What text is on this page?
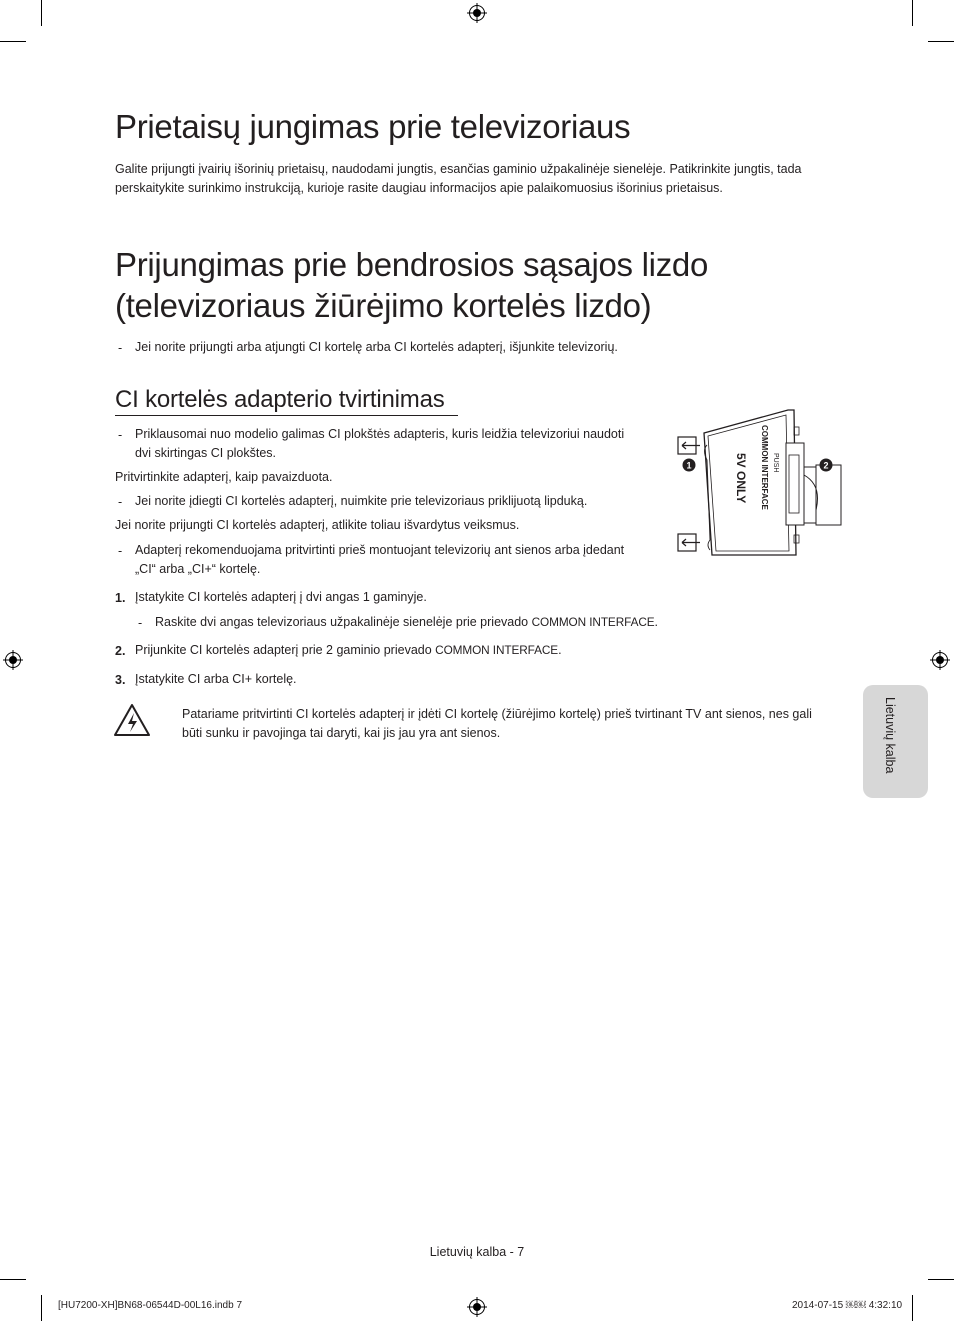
Prietaisų jungimas prie televizoriaus

Galite prijungti įvairių išorinių prietaisų, naudodami jungtis, esančias gaminio užpakalinėje sienelėje. Patikrinkite jungtis, tada perskaitykite surinkimo instrukciją, kurioje rasite daugiau informacijos apie palaikomuosius išorinius prietaisus.

Prijungimas prie bendrosios sąsajos lizdo
(televizoriaus žiūrėjimo kortelės lizdo)
- Jei norite prijungti arba atjungti CI kortelę arba CI kortelės adapterį, išjunkite televizorių.
CI kortelės adapterio tvirtinimas
- Priklausomai nuo modelio galimas CI plokštės adapteris, kuris leidžia televizoriui naudoti
dvi skirtingas CI plokštes.
Pritvirtinkite adapterį, kaip pavaizduota.
- Jei norite įdiegti CI kortelės adapterį, nuimkite prie televizoriaus priklijuotą lipduką.
Jei norite prijungti CI kortelės adapterį, atlikite toliau išvardytus veiksmus.
- Adapterį rekomenduojama pritvirtinti prieš montuojant televizorių ant sienos arba įdedant
„CI“ arba „CI+“ kortelę.
1. Įstatykite CI kortelės adapterį į dvi angas 1 gaminyje.
- Raskite dvi angas televizoriaus užpakalinėje sienelėje prie prievado COMMON INTERFACE.
2. Prijunkite CI kortelės adapterį prie 2 gaminio prievado COMMON INTERFACE.
3. Įstatykite CI arba CI+ kortelę.
Patariame pritvirtinti CI kortelės adapterį ir įdėti CI kortelę (žiūrėjimo kortelę) prieš tvirtinant TV ant sienos, nes gali
būti sunku ir pavojinga tai daryti, kai jis jau yra ant sienos.
1	2
COMMON INTERFACE PUSH
5V ONLY
Lietuvių kalba
Lietuvių kalba - 7
[HU7200-XH]BN68-06544D-00L16.indb 7	2014-07-15 ￼￼ 4:32:10
